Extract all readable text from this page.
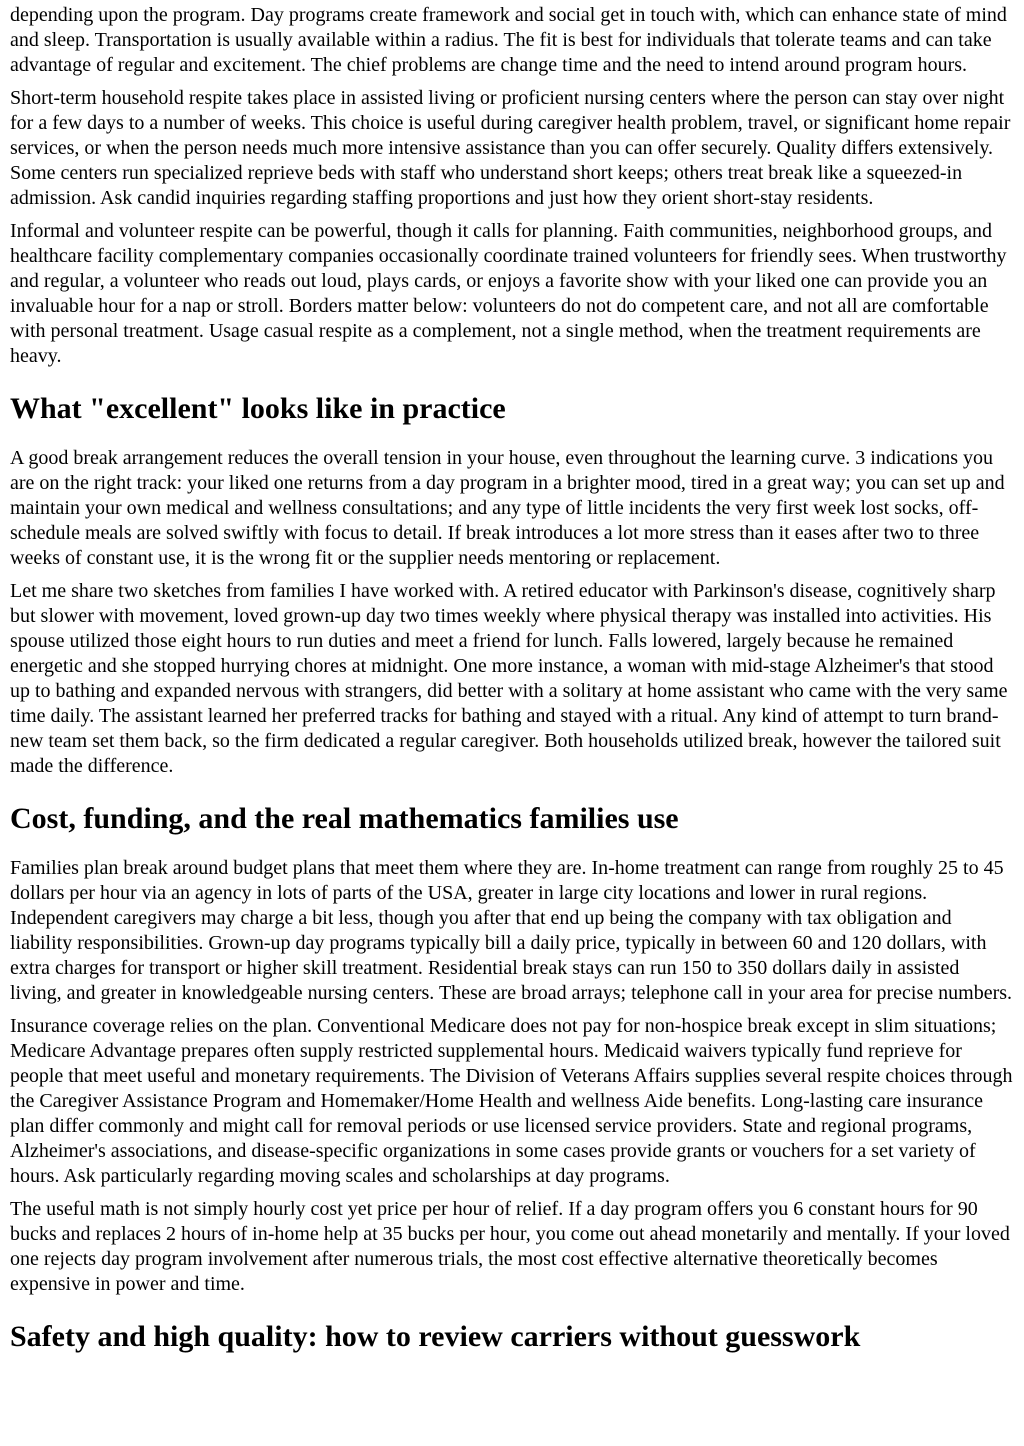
depending upon the program. Day programs create framework and social get in touch with, which can enhance state of mind and sleep. Transportation is usually available within a radius. The fit is best for individuals that tolerate teams and can take advantage of regular and excitement. The chief problems are change time and the need to intend around program hours.

Short-term household respite takes place in assisted living or proficient nursing centers where the person can stay over night for a few days to a number of weeks. This choice is useful during caregiver health problem, travel, or significant home repair services, or when the person needs much more intensive assistance than you can offer securely. Quality differs extensively. Some centers run specialized reprieve beds with staff who understand short keeps; others treat break like a squeezed-in admission. Ask candid inquiries regarding staffing proportions and just how they orient short-stay residents.

Informal and volunteer respite can be powerful, though it calls for planning. Faith communities, neighborhood groups, and healthcare facility complementary companies occasionally coordinate trained volunteers for friendly sees. When trustworthy and regular, a volunteer who reads out loud, plays cards, or enjoys a favorite show with your liked one can provide you an invaluable hour for a nap or stroll. Borders matter below: volunteers do not do competent care, and not all are comfortable with personal treatment. Usage casual respite as a complement, not a single method, when the treatment requirements are heavy.

What "excellent" looks like in practice

A good break arrangement reduces the overall tension in your house, even throughout the learning curve. 3 indications you are on the right track: your liked one returns from a day program in a brighter mood, tired in a great way; you can set up and maintain your own medical and wellness consultations; and any type of little incidents the very first week lost socks, off-schedule meals are solved swiftly with focus to detail. If break introduces a lot more stress than it eases after two to three weeks of constant use, it is the wrong fit or the supplier needs mentoring or replacement.

Let me share two sketches from families I have worked with. A retired educator with Parkinson's disease, cognitively sharp but slower with movement, loved grown-up day two times weekly where physical therapy was installed into activities. His spouse utilized those eight hours to run duties and meet a friend for lunch. Falls lowered, largely because he remained energetic and she stopped hurrying chores at midnight. One more instance, a woman with mid-stage Alzheimer's that stood up to bathing and expanded nervous with strangers, did better with a solitary at home assistant who came with the very same time daily. The assistant learned her preferred tracks for bathing and stayed with a ritual. Any kind of attempt to turn brand-new team set them back, so the firm dedicated a regular caregiver. Both households utilized break, however the tailored suit made the difference.

Cost, funding, and the real mathematics families use

Families plan break around budget plans that meet them where they are. In-home treatment can range from roughly 25 to 45 dollars per hour via an agency in lots of parts of the USA, greater in large city locations and lower in rural regions. Independent caregivers may charge a bit less, though you after that end up being the company with tax obligation and liability responsibilities. Grown-up day programs typically bill a daily price, typically in between 60 and 120 dollars, with extra charges for transport or higher skill treatment. Residential break stays can run 150 to 350 dollars daily in assisted living, and greater in knowledgeable nursing centers. These are broad arrays; telephone call in your area for precise numbers.

Insurance coverage relies on the plan. Conventional Medicare does not pay for non-hospice break except in slim situations; Medicare Advantage prepares often supply restricted supplemental hours. Medicaid waivers typically fund reprieve for people that meet useful and monetary requirements. The Division of Veterans Affairs supplies several respite choices through the Caregiver Assistance Program and Homemaker/Home Health and wellness Aide benefits. Long-lasting care insurance plan differ commonly and might call for removal periods or use licensed service providers. State and regional programs, Alzheimer's associations, and disease-specific organizations in some cases provide grants or vouchers for a set variety of hours. Ask particularly regarding moving scales and scholarships at day programs.

The useful math is not simply hourly cost yet price per hour of relief. If a day program offers you 6 constant hours for 90 bucks and replaces 2 hours of in-home help at 35 bucks per hour, you come out ahead monetarily and mentally. If your loved one rejects day program involvement after numerous trials, the most cost effective alternative theoretically becomes expensive in power and time.

Safety and high quality: how to review carriers without guesswork
